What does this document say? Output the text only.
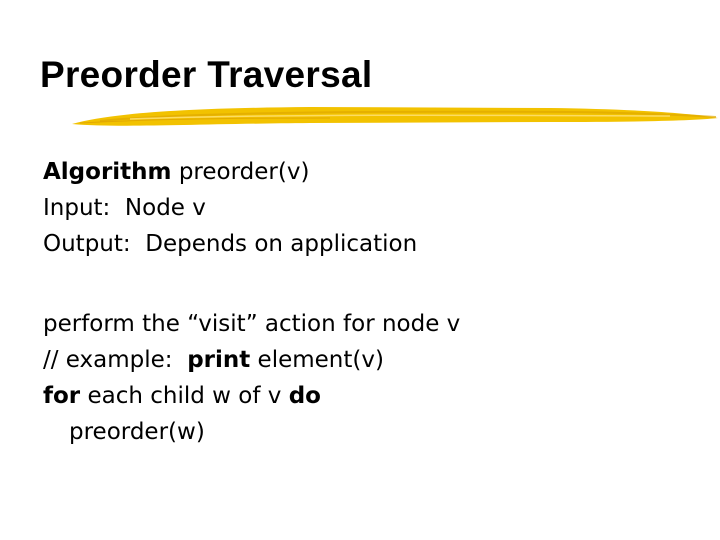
Preorder Traversal
Algorithm preorder(v)
Input:  Node v
Output:  Depends on application
perform the “visit” action for node v
// example:  print element(v)
for each child w of v do
preorder(w)
